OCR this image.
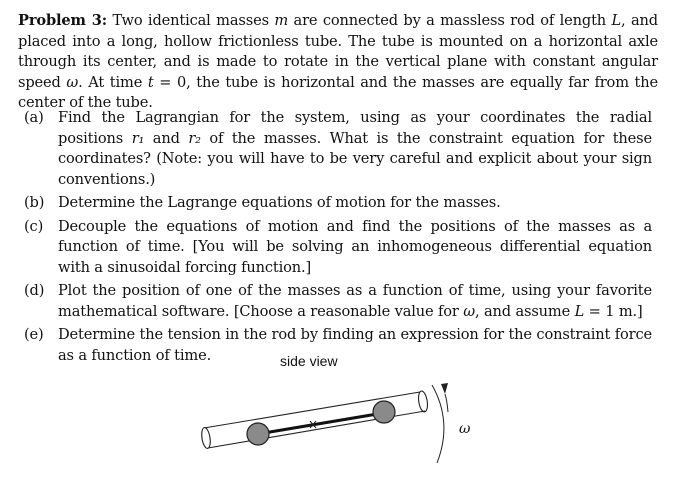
Problem 3: Two identical masses m are connected by a massless rod of length L, and placed into a long, hollow frictionless tube. The tube is mounted on a horizontal axle through its center, and is made to rotate in the vertical plane with constant angular speed ω. At time t = 0, the tube is horizontal and the masses are equally far from the center of the tube.

(a) Find the Lagrangian for the system, using as your coordinates the radial positions r₁ and r₂ of the masses. What is the constraint equation for these coordinates? (Note: you will have to be very careful and explicit about your sign conventions.)
(b) Determine the Lagrange equations of motion for the masses.
(c) Decouple the equations of motion and find the positions of the masses as a function of time. [You will be solving an inhomogeneous differential equation with a sinusoidal forcing function.]
(d) Plot the position of one of the masses as a function of time, using your favorite mathematical software. [Choose a reasonable value for ω, and assume L = 1 m.]
(e) Determine the tension in the rod by finding an expression for the constraint force as a function of time.	side view
ω
